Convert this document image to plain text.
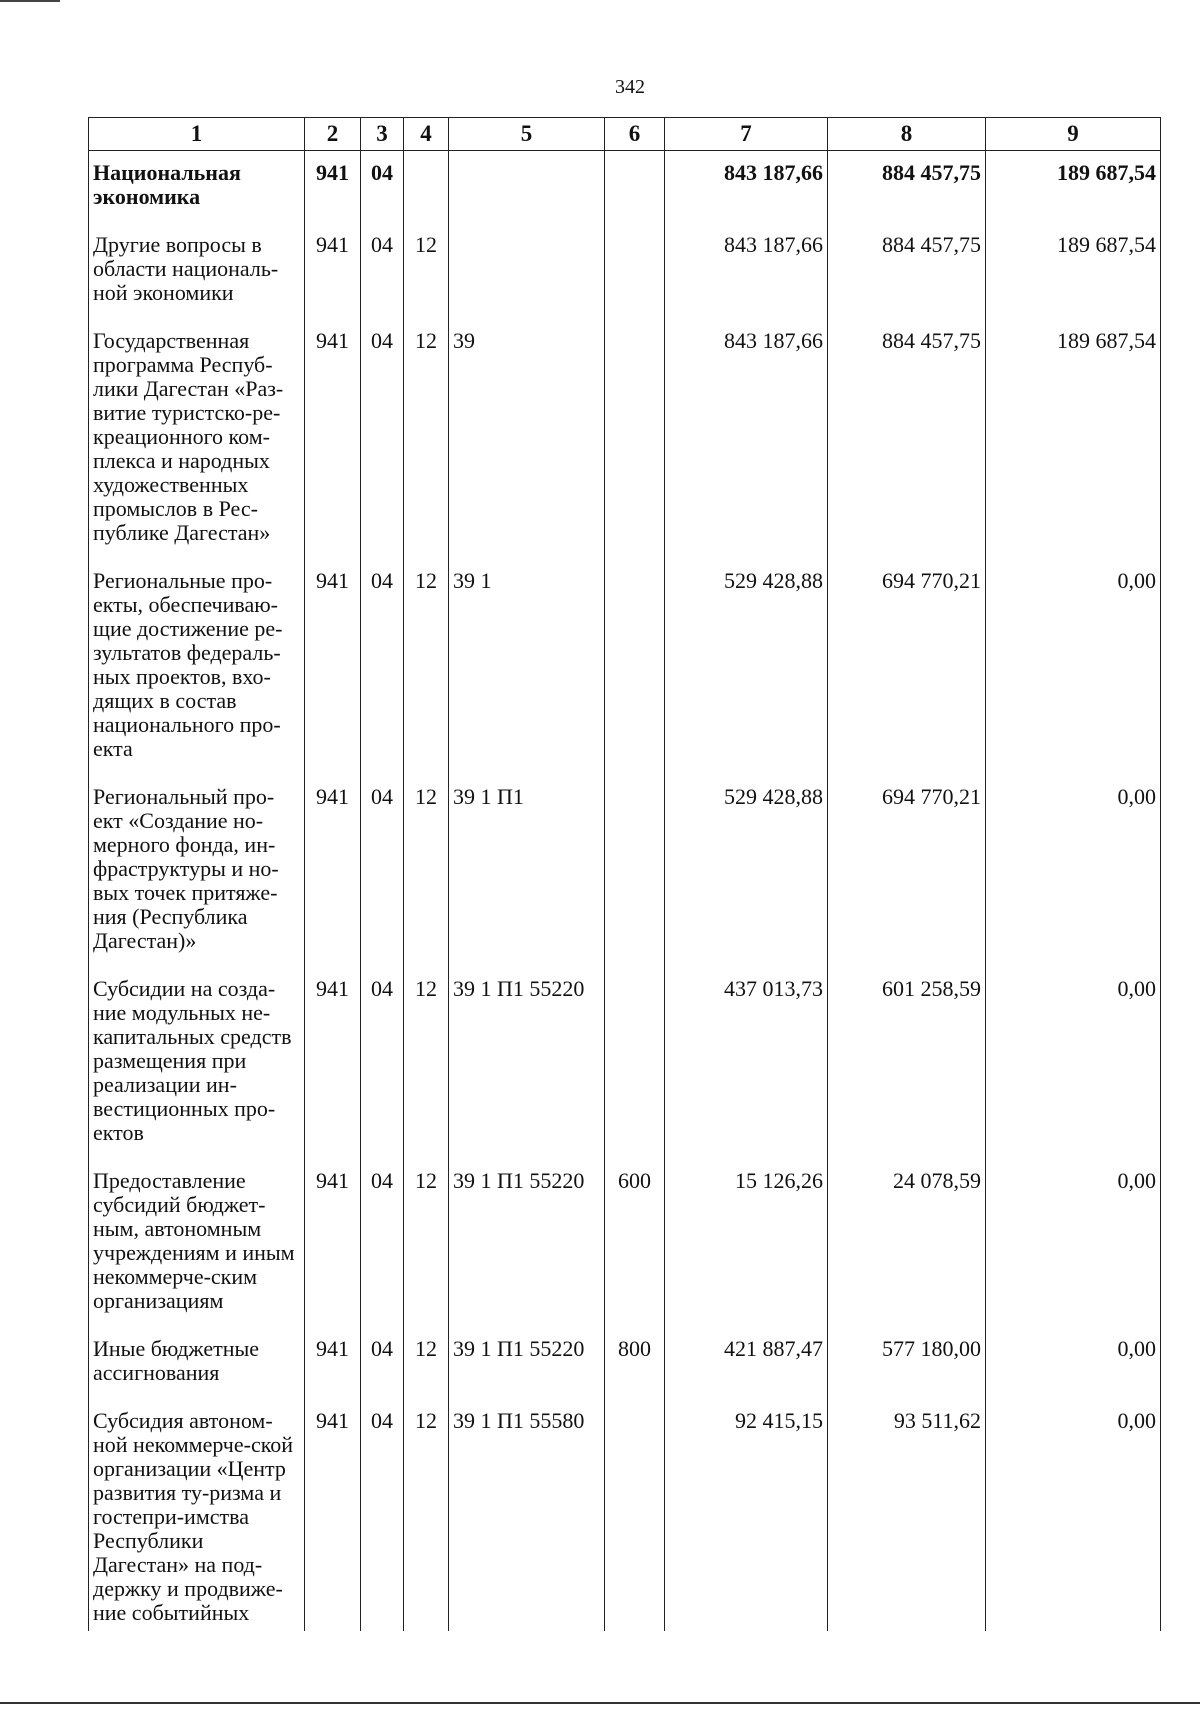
342
1	2	3	4	5	6	7	8	9
Национальная экономика	941	04				843 187,66	884 457,75	189 687,54
Другие вопросы в области националь-ной экономики	941	04	12			843 187,66	884 457,75	189 687,54
Государственная программа Респуб-лики Дагестан «Раз-витие туристско-ре-креационного ком-плекса и народных художественных промыслов в Рес-публике Дагестан»	941	04	12	39		843 187,66	884 457,75	189 687,54
Региональные про-екты, обеспечиваю-щие достижение ре-зультатов федераль-ных проектов, вхо-дящих в состав национального про-екта	941	04	12	39 1		529 428,88	694 770,21	0,00
Региональный про-ект «Создание но-мерного фонда, ин-фраструктуры и но-вых точек притяже-ния (Республика Дагестан)»	941	04	12	39 1 П1		529 428,88	694 770,21	0,00
Субсидии на созда-ние модульных не-капитальных средств размещения при реализации ин-вестиционных про-ектов	941	04	12	39 1 П1 55220		437 013,73	601 258,59	0,00
Предоставление субсидий бюджет-ным, автономным учреждениям и иным некоммерче-ским организациям	941	04	12	39 1 П1 55220	600	15 126,26	24 078,59	0,00
Иные бюджетные ассигнования	941	04	12	39 1 П1 55220	800	421 887,47	577 180,00	0,00
Субсидия автоном-ной некоммерче-ской организации «Центр развития ту-ризма и гостепри-имства Республики Дагестан» на под-держку и продвиже-ние событийных	941	04	12	39 1 П1 55580		92 415,15	93 511,62	0,00
